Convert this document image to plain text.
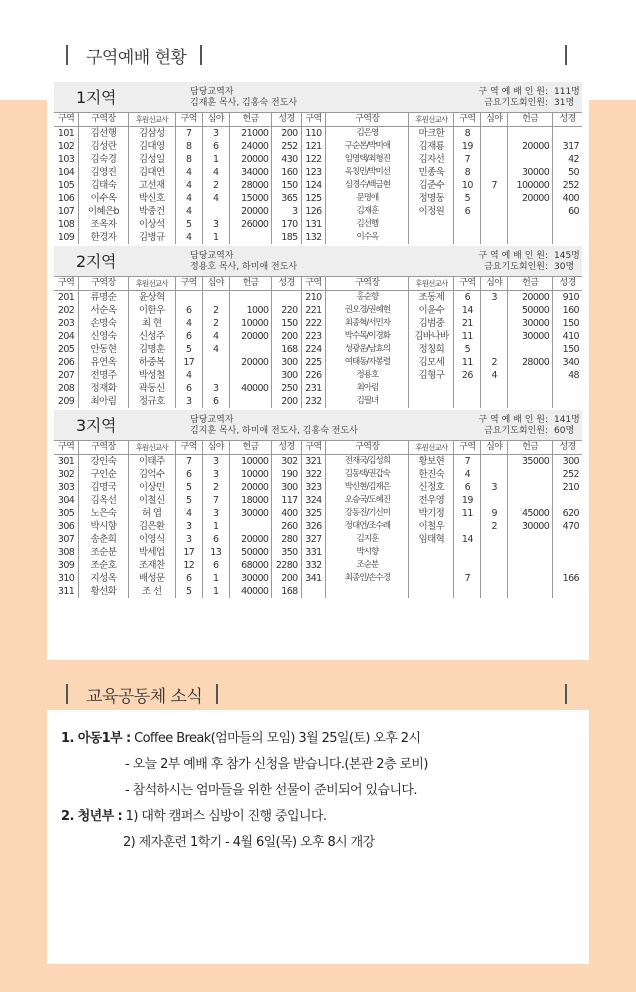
구역예배 현황
1지역	담당교역자
김재훈 목사, 김홍숙 전도사
구 역 예 배 인 원: 111명
금요기도회인원: 31명
구역	구역장	후원선교사	구역	심야	헌금	성경	구역	구역장	후원선교사	구역	심야	헌금	성경
101	김선행	김삼성	7	3	21000	200	110	김은영	마크한	8			
102	김성란	김대영	8	6	24000	252	121	구순본/박미애	김재룡	19		20000	317
103	김숙경	김성일	8	1	20000	430	122	임명택/최형진	김자선	7			42
104	김영진	김대연	4	4	34000	160	123	옥칭민/박미선	민종욱	8		30000	50
105	김태숙	고선재	4	2	28000	150	124	심경수/백금현	김준수	10	7	100000	252
106	이수옥	박신호	4	4	15000	365	125	문명애	정명동	5		20000	400
107	이혜은b	박중건	4		20000	3	126	김재훈	이정원	6			60
108	조옥자	이상석	5	3	26000	170	131	김선행					
109	한경자	김병규	4	1		185	132	이수옥					
2지역	담당교역자
정용호 목사, 하미애 전도사
구 역 예 배 인 원: 145명
금요기도회인원: 30명
구역	구역장	후원선교사	구역	심야	헌금	성경	구역	구역장	후원선교사	구역	심야	헌금	성경
201	류명순	윤상혁					210	홍순향	조동제	6	3	20000	910
202	서순옥	이한우	6	2	1000	220	221	권오경/권혜현	이윤수	14		50000	160
203	손명숙	최 현	4	2	10000	150	222	최종혁/서민자	김범중	21		30000	150
204	신영숙	신성주	6	4	20000	200	223	박수목/이경화	김바나바	11		30000	410
205	안동현	김명훈	5	4		168	224	성광운/남효의	정칭희	5			150
206	유연옥	하중복	17		20000	300	225	여태동/자봉렬	김모세	11	2	28000	340
207	전명주	박성철	4			300	226	정용호	김형구	26	4		48
208	정재화	곽동신	6	3	40000	250	231	최아림					
209	최아림	정규호	3	6		200	232	김필녀					
3지역	담당교역자
김지훈 목사, 하미애 전도사, 김홍숙 전도사
구 역 예 배 인 원: 141명
금요기도회인원: 60명
구역	구역장	후원선교사	구역	심야	헌금	성경	구역	구역장	후원선교사	구역	심야	헌금	성경
301	강인숙	이태주	7	3	10000	302	321	전재국/김성희	황보현	7		35000	300
302	구인순	김억수	6	3	10000	190	322	김동택/권갑숙	한진숙	4			252
303	김명국	이상민	5	2	20000	300	323	박신현/김재은	신정호	6	3		210
304	김옥선	이철신	5	7	18000	117	324	오승국/도혜진	전우영	19			
305	노은숙	허 엽	4	3	30000	400	325	강동진/기신미	박기정	11	9	45000	620
306	박시향	김은환	3	1		260	326	정대언/조수례	이철우		2	30000	470
307	송춘희	이영식	3	6	20000	280	327	김지훈	임태혁	14			
308	조순분	박세업	17	13	50000	350	331	박시향					
309	조순호	조재찬	12	6	68000	2280	332	조순분					
310	지성옥	배성문	6	1	30000	200	341	최종인/손수경		7			166
311	황선화	조 선	5	1	40000	168							
교육공동체 소식
1. 아동1부 : Coffee Break(엄마들의 모임) 3월 25일(토) 오후 2시
- 오늘 2부 예배 후 참가 신청을 받습니다.(본관 2층 로비)
- 참석하시는 엄마들을 위한 선물이 준비되어 있습니다.
2. 청년부 : 1) 대학 캠퍼스 심방이 진행 중입니다.
2) 제자훈련 1학기 - 4월 6일(목) 오후 8시 개강
